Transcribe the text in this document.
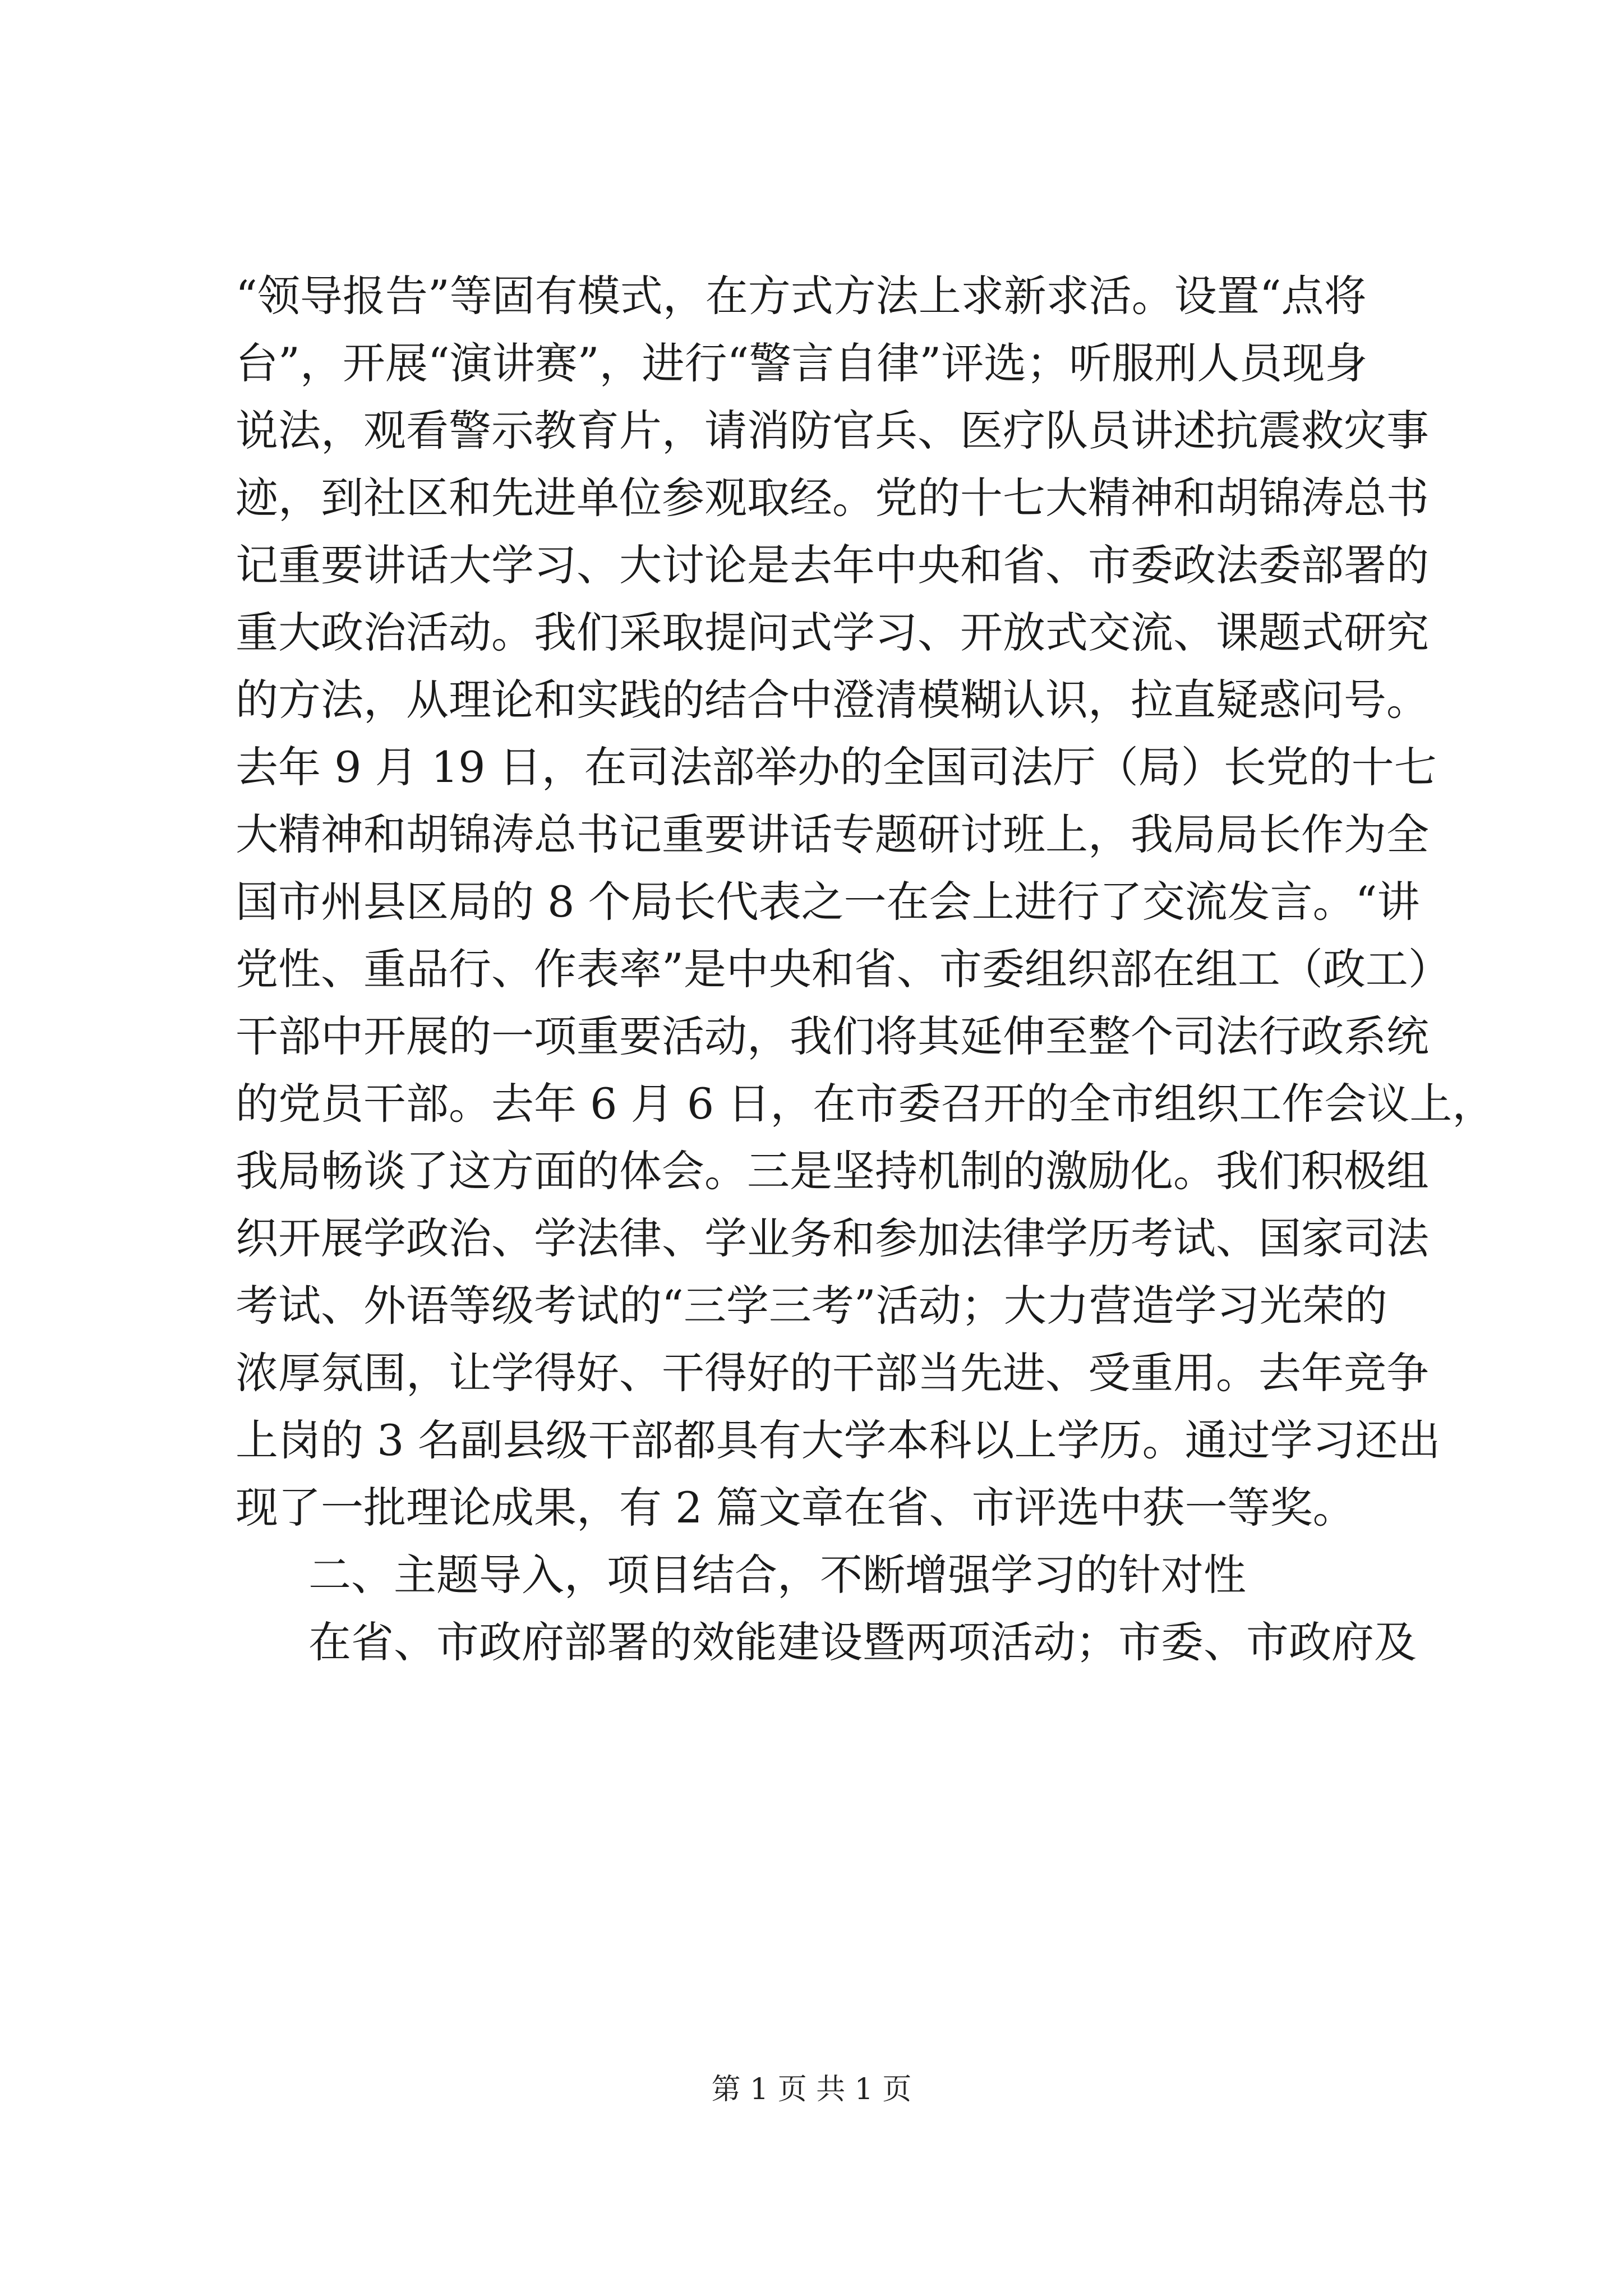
“领导报告”等固有模式，在方式方法上求新求活。设置“点将
台”，开展“演讲赛”，进行“警言自律”评选；听服刑人员现身
说法，观看警示教育片，请消防官兵、医疗队员讲述抗震救灾事
迹，到社区和先进单位参观取经。党的十七大精神和胡锦涛总书
记重要讲话大学习、大讨论是去年中央和省、市委政法委部署的
重大政治活动。我们采取提问式学习、开放式交流、课题式研究
的方法，从理论和实践的结合中澄清模糊认识，拉直疑惑问号。
去年 9 月 19 日，在司法部举办的全国司法厅（局）长党的十七
大精神和胡锦涛总书记重要讲话专题研讨班上，我局局长作为全
国市州县区局的 8 个局长代表之一在会上进行了交流发言。“讲
党性、重品行、作表率”是中央和省、市委组织部在组工（政工）
干部中开展的一项重要活动，我们将其延伸至整个司法行政系统
的党员干部。去年 6 月 6 日，在市委召开的全市组织工作会议上，
我局畅谈了这方面的体会。三是坚持机制的激励化。我们积极组
织开展学政治、学法律、学业务和参加法律学历考试、国家司法
考试、外语等级考试的“三学三考”活动；大力营造学习光荣的
浓厚氛围，让学得好、干得好的干部当先进、受重用。去年竞争
上岗的 3 名副县级干部都具有大学本科以上学历。通过学习还出
现了一批理论成果，有 2 篇文章在省、市评选中获一等奖。
二、主题导入，项目结合，不断增强学习的针对性
在省、市政府部署的效能建设暨两项活动；市委、市政府及
第 1 页 共 1 页
